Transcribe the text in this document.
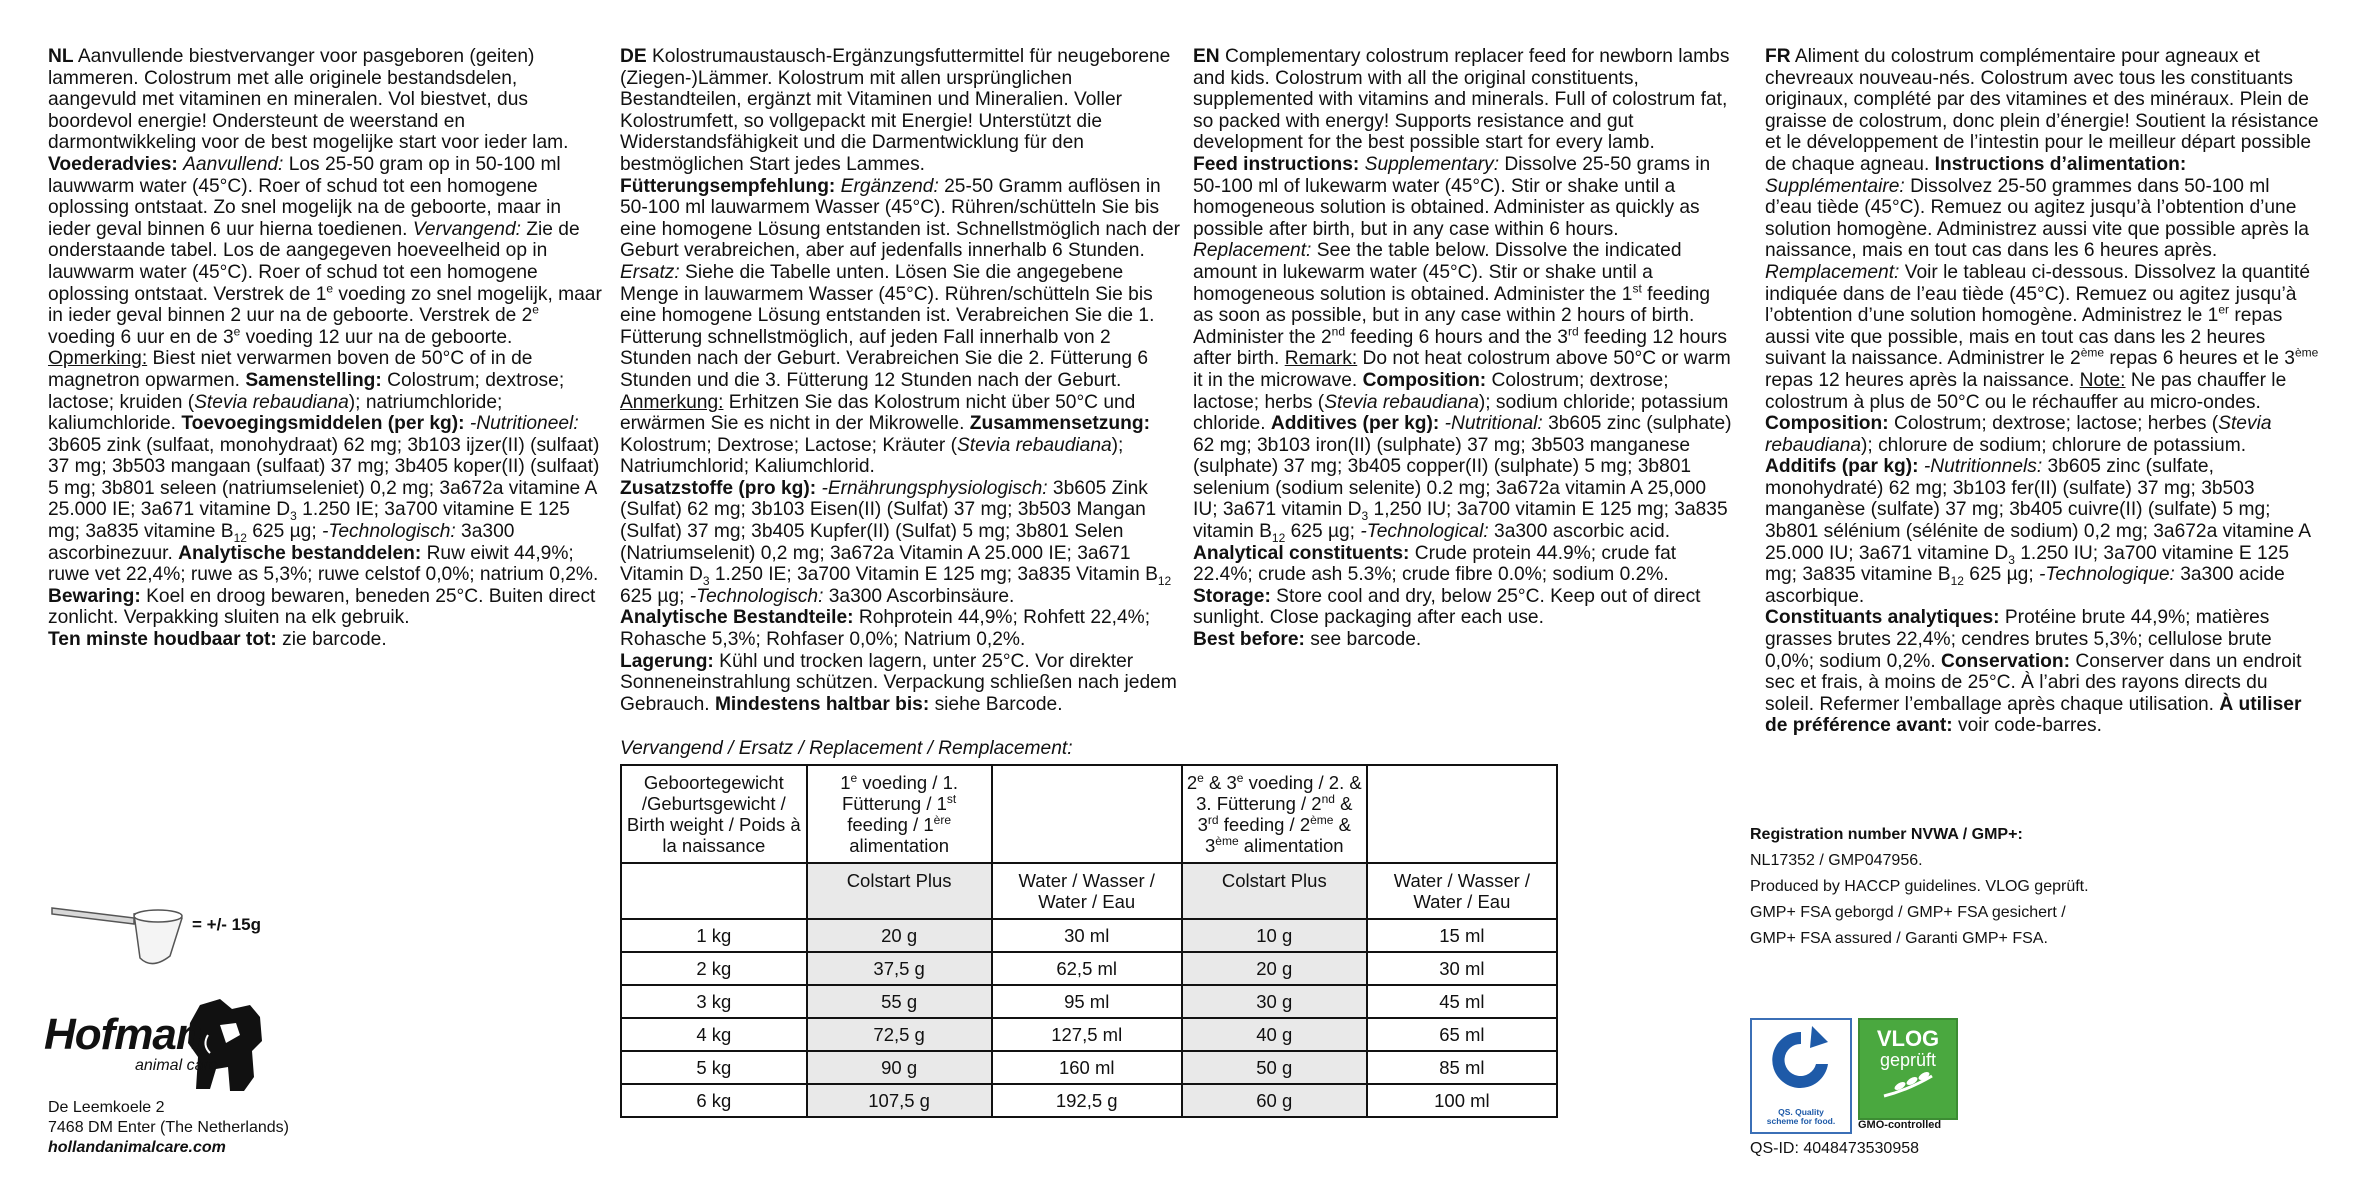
NL Aanvullende biestvervanger voor pasgeboren (geiten) lammeren. Colostrum met alle originele bestandsdelen, aangevuld met vitaminen en mineralen. Vol biestvet, dus boordevol energie! Ondersteunt de weerstand en darmontwikkeling voor de best mogelijke start voor ieder lam. Voederadvies: Aanvullend: Los 25-50 gram op in 50-100 ml lauwwarm water (45°C). Roer of schud tot een homogene oplossing ontstaat. Zo snel mogelijk na de geboorte, maar in ieder geval binnen 6 uur hierna toedienen. Vervangend: Zie de onderstaande tabel. Los de aangegeven hoeveelheid op in lauwwarm water (45°C). Roer of schud tot een homogene oplossing ontstaat. Verstrek de 1e voeding zo snel mogelijk, maar in ieder geval binnen 2 uur na de geboorte. Verstrek de 2e voeding 6 uur en de 3e voeding 12 uur na de geboorte. Opmerking: Biest niet verwarmen boven de 50°C of in de magnetron opwarmen. Samenstelling: Colostrum; dextrose; lactose; kruiden (Stevia rebaudiana); natriumchloride; kaliumchloride. Toevoegingsmiddelen (per kg): -Nutritioneel: 3b605 zink (sulfaat, monohydraat) 62 mg; 3b103 ijzer(II) (sulfaat) 37 mg; 3b503 mangaan (sulfaat) 37 mg; 3b405 koper(II) (sulfaat) 5 mg; 3b801 seleen (natriumseleniet) 0,2 mg; 3a672a vitamine A 25.000 IE; 3a671 vitamine $D_3$ 1.250 IE; 3a700 vitamine E 125 mg; 3a835 vitamine $B_{12}$ 625 µg; -Technologisch: 3a300 ascorbinezuur. Analytische bestanddelen: Ruw eiwit 44,9%; ruwe vet 22,4%; ruwe as 5,3%; ruwe celstof 0,0%; natrium 0,2%. Bewaring: Koel en droog bewaren, beneden 25°C. Buiten direct zonlicht. Verpakking sluiten na elk gebruik.
Ten minste houdbaar tot: zie barcode.

DE Kolostrumaustausch-Ergänzungsfuttermittel für neugeborene (Ziegen-)Lämmer. Kolostrum mit allen ursprünglichen Bestandteilen, ergänzt mit Vitaminen und Mineralien. Voller Kolostrumfett, so vollgepackt mit Energie! Unterstützt die Widerstandsfähigkeit und die Darmentwicklung für den bestmöglichen Start jedes Lammes.
Fütterungsempfehlung: Ergänzend: 25-50 Gramm auflösen in 50-100 ml lauwarmem Wasser (45°C). Rühren/schütteln Sie bis eine homogene Lösung entstanden ist. Schnellstmöglich nach der Geburt verabreichen, aber auf jedenfalls innerhalb 6 Stunden. Ersatz: Siehe die Tabelle unten. Lösen Sie die angegebene Menge in lauwarmem Wasser (45°C). Rühren/schütteln Sie bis eine homogene Lösung entstanden ist. Verabreichen Sie die 1. Fütterung schnellstmöglich, auf jeden Fall innerhalb von 2 Stunden nach der Geburt. Verabreichen Sie die 2. Fütterung 6 Stunden und die 3. Fütterung 12 Stunden nach der Geburt. Anmerkung: Erhitzen Sie das Kolostrum nicht über 50°C und erwärmen Sie es nicht in der Mikrowelle. Zusammensetzung: Kolostrum; Dextrose; Lactose; Kräuter (Stevia rebaudiana); Natriumchlorid; Kaliumchlorid.
Zusatzstoffe (pro kg): -Ernährungsphysiologisch: 3b605 Zink (Sulfat) 62 mg; 3b103 Eisen(II) (Sulfat) 37 mg; 3b503 Mangan (Sulfat) 37 mg; 3b405 Kupfer(II) (Sulfat) 5 mg; 3b801 Selen (Natriumselenit) 0,2 mg; 3a672a Vitamin A 25.000 IE; 3a671 Vitamin $D_3$ 1.250 IE; 3a700 Vitamin E 125 mg; 3a835 Vitamin $B_{12}$ 625 µg; -Technologisch: 3a300 Ascorbinsäure.
Analytische Bestandteile: Rohprotein 44,9%; Rohfett 22,4%; Rohasche 5,3%; Rohfaser 0,0%; Natrium 0,2%.
Lagerung: Kühl und trocken lagern, unter 25°C. Vor direkter Sonneneinstrahlung schützen. Verpackung schließen nach jedem Gebrauch. Mindestens haltbar bis: siehe Barcode.

EN Complementary colostrum replacer feed for newborn lambs and kids. Colostrum with all the original constituents, supplemented with vitamins and minerals. Full of colostrum fat, so packed with energy! Supports resistance and gut development for the best possible start for every lamb.
Feed instructions: Supplementary: Dissolve 25-50 grams in 50-100 ml of lukewarm water (45°C). Stir or shake until a homogeneous solution is obtained. Administer as quickly as possible after birth, but in any case within 6 hours. Replacement: See the table below. Dissolve the indicated amount in lukewarm water (45°C). Stir or shake until a homogeneous solution is obtained. Administer the 1st feeding as soon as possible, but in any case within 2 hours of birth. Administer the 2nd feeding 6 hours and the 3rd feeding 12 hours after birth. Remark: Do not heat colostrum above 50°C or warm it in the microwave. Composition: Colostrum; dextrose; lactose; herbs (Stevia rebaudiana); sodium chloride; potassium chloride. Additives (per kg): -Nutritional: 3b605 zinc (sulphate) 62 mg; 3b103 iron(II) (sulphate) 37 mg; 3b503 manganese (sulphate) 37 mg; 3b405 copper(II) (sulphate) 5 mg; 3b801 selenium (sodium selenite) 0.2 mg; 3a672a vitamin A 25,000 IU; 3a671 vitamin $D_3$ 1,250 IU; 3a700 vitamin E 125 mg; 3a835 vitamin $B_{12}$ 625 µg; -Technological: 3a300 ascorbic acid. Analytical constituents: Crude protein 44.9%; crude fat 22.4%; crude ash 5.3%; crude fibre 0.0%; sodium 0.2%.
Storage: Store cool and dry, below 25°C. Keep out of direct sunlight. Close packaging after each use.
Best before: see barcode.

FR Aliment du colostrum complémentaire pour agneaux et chevreaux nouveau-nés. Colostrum avec tous les constituants originaux, complété par des vitamines et des minéraux. Plein de graisse de colostrum, donc plein d’énergie! Soutient la résistance et le développement de l’intestin pour le meilleur départ possible de chaque agneau. Instructions d’alimentation: Supplémentaire: Dissolvez 25-50 grammes dans 50-100 ml d’eau tiède (45°C). Remuez ou agitez jusqu’à l’obtention d’une solution homogène. Administrez aussi vite que possible après la naissance, mais en tout cas dans les 6 heures après. Remplacement: Voir le tableau ci-dessous. Dissolvez la quantité indiquée dans de l’eau tiède (45°C). Remuez ou agitez jusqu’à l’obtention d’une solution homogène. Administrez le 1er repas aussi vite que possible, mais en tout cas dans les 2 heures suivant la naissance. Administrer le 2ème repas 6 heures et le 3ème repas 12 heures après la naissance. Note: Ne pas chauffer le colostrum à plus de 50°C ou le réchauffer au micro-ondes. Composition: Colostrum; dextrose; lactose; herbes (Stevia rebaudiana); chlorure de sodium; chlorure de potassium. Additifs (par kg): -Nutritionnels: 3b605 zinc (sulfate, monohydraté) 62 mg; 3b103 fer(II) (sulfate) 37 mg; 3b503 manganèse (sulfate) 37 mg; 3b405 cuivre(II) (sulfate) 5 mg; 3b801 sélénium (sélénite de sodium) 0,2 mg; 3a672a vitamine A 25.000 IU; 3a671 vitamine $D_3$ 1.250 IU; 3a700 vitamine E 125 mg; 3a835 vitamine $B_{12}$ 625 µg; -Technologique: 3a300 acide ascorbique.
Constituants analytiques: Protéine brute 44,9%; matières grasses brutes 22,4%; cendres brutes 5,3%; cellulose brute 0,0%; sodium 0,2%. Conservation: Conserver dans un endroit sec et frais, à moins de 25°C. À l’abri des rayons directs du soleil. Refermer l’emballage après chaque utilisation. À utiliser de préférence avant: voir code-barres.

Vervangend / Ersatz / Replacement / Remplacement:
Geboortegewicht /Geburtsgewicht / Birth weight / Poids à la naissance	1e voeding / 1. Fütterung / 1st feeding / 1ère alimentation		2e & 3e voeding / 2. & 3. Fütterung / 2nd & 3rd feeding / 2ème & 3ème alimentation	
	Colstart Plus	Water / Wasser / Water / Eau	Colstart Plus	Water / Wasser / Water / Eau
1 kg	20 g	30 ml	10 g	15 ml
2 kg	37,5 g	62,5 ml	20 g	30 ml
3 kg	55 g	95 ml	30 g	45 ml
4 kg	72,5 g	127,5 ml	40 g	65 ml
5 kg	90 g	160 ml	50 g	85 ml
6 kg	107,5 g	192,5 g	60 g	100 ml
= +/- 15g
Hofman
animal care
De Leemkoele 2
7468 DM Enter (The Netherlands)
hollandanimalcare.com
Registration number NVWA / GMP+:
NL17352 / GMP047956.
Produced by HACCP guidelines. VLOG geprüft.
GMP+ FSA geborgd / GMP+ FSA gesichert /
GMP+ FSA assured / Garanti GMP+ FSA.
QS. Quality
scheme for food.
VLOG
geprüft
GMO-controlled
QS-ID: 4048473530958
